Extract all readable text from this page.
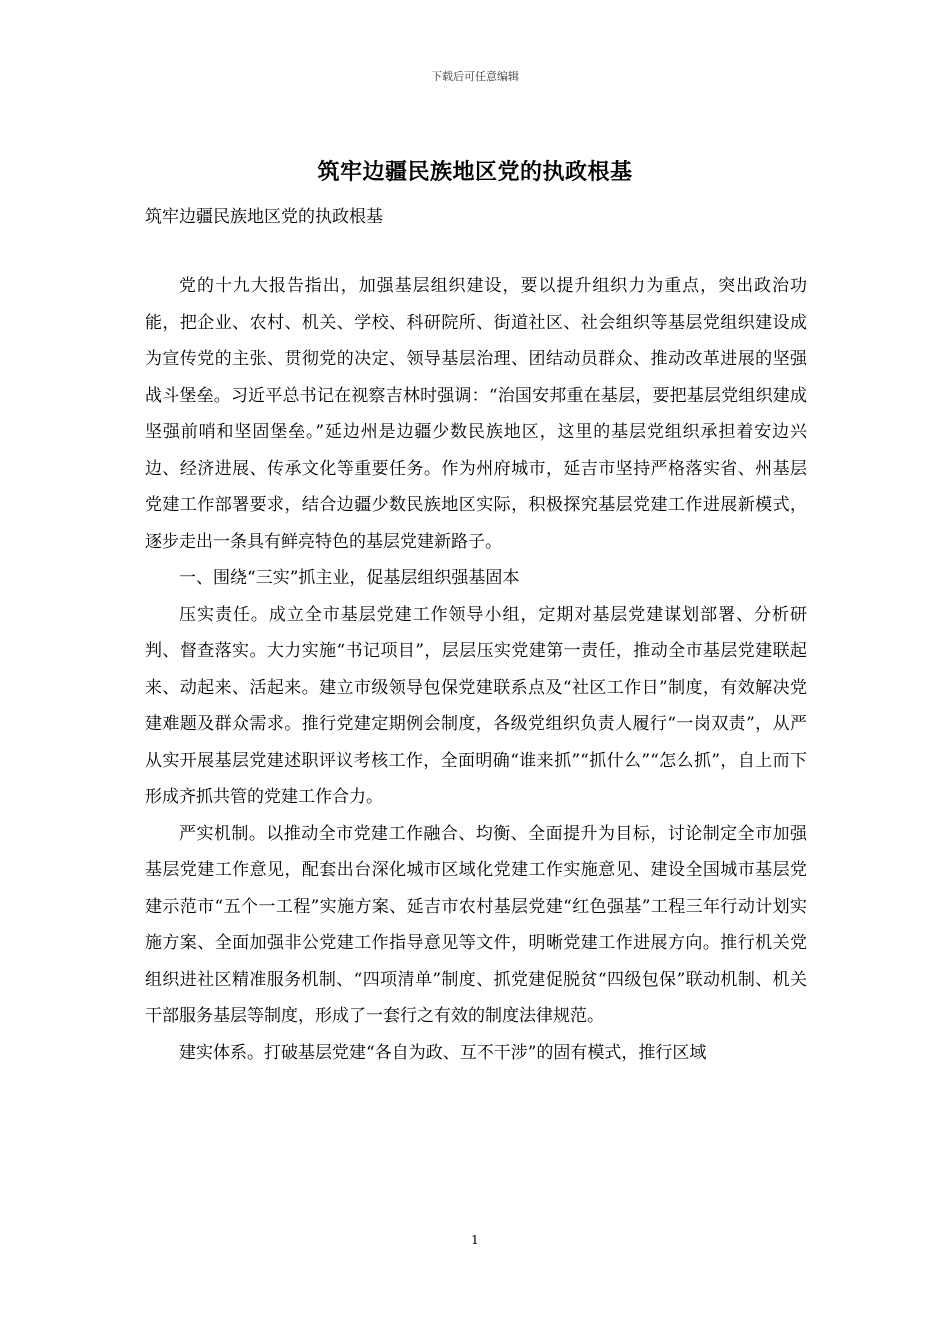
下载后可任意编辑
筑牢边疆民族地区党的执政根基
筑牢边疆民族地区党的执政根基

党的十九大报告指出，加强基层组织建设，要以提升组织力为重点，突出政治功能，把企业、农村、机关、学校、科研院所、街道社区、社会组织等基层党组织建设成为宣传党的主张、贯彻党的决定、领导基层治理、团结动员群众、推动改革进展的坚强战斗堡垒。习近平总书记在视察吉林时强调：“治国安邦重在基层，要把基层党组织建成坚强前哨和坚固堡垒。”延边州是边疆少数民族地区，这里的基层党组织承担着安边兴边、经济进展、传承文化等重要任务。作为州府城市，延吉市坚持严格落实省、州基层党建工作部署要求，结合边疆少数民族地区实际，积极探究基层党建工作进展新模式，逐步走出一条具有鲜亮特色的基层党建新路子。

一、围绕“三实”抓主业，促基层组织强基固本

压实责任。成立全市基层党建工作领导小组，定期对基层党建谋划部署、分析研判、督查落实。大力实施“书记项目”，层层压实党建第一责任，推动全市基层党建联起来、动起来、活起来。建立市级领导包保党建联系点及“社区工作日”制度，有效解决党建难题及群众需求。推行党建定期例会制度，各级党组织负责人履行“一岗双责”，从严从实开展基层党建述职评议考核工作，全面明确“谁来抓”“抓什么”“怎么抓”，自上而下形成齐抓共管的党建工作合力。

严实机制。以推动全市党建工作融合、均衡、全面提升为目标，讨论制定全市加强基层党建工作意见，配套出台深化城市区域化党建工作实施意见、建设全国城市基层党建示范市“五个一工程”实施方案、延吉市农村基层党建“红色强基”工程三年行动计划实施方案、全面加强非公党建工作指导意见等文件，明晰党建工作进展方向。推行机关党组织进社区精准服务机制、“四项清单”制度、抓党建促脱贫“四级包保”联动机制、机关干部服务基层等制度，形成了一套行之有效的制度法律规范。

建实体系。打破基层党建“各自为政、互不干涉”的固有模式，推行区域

1
